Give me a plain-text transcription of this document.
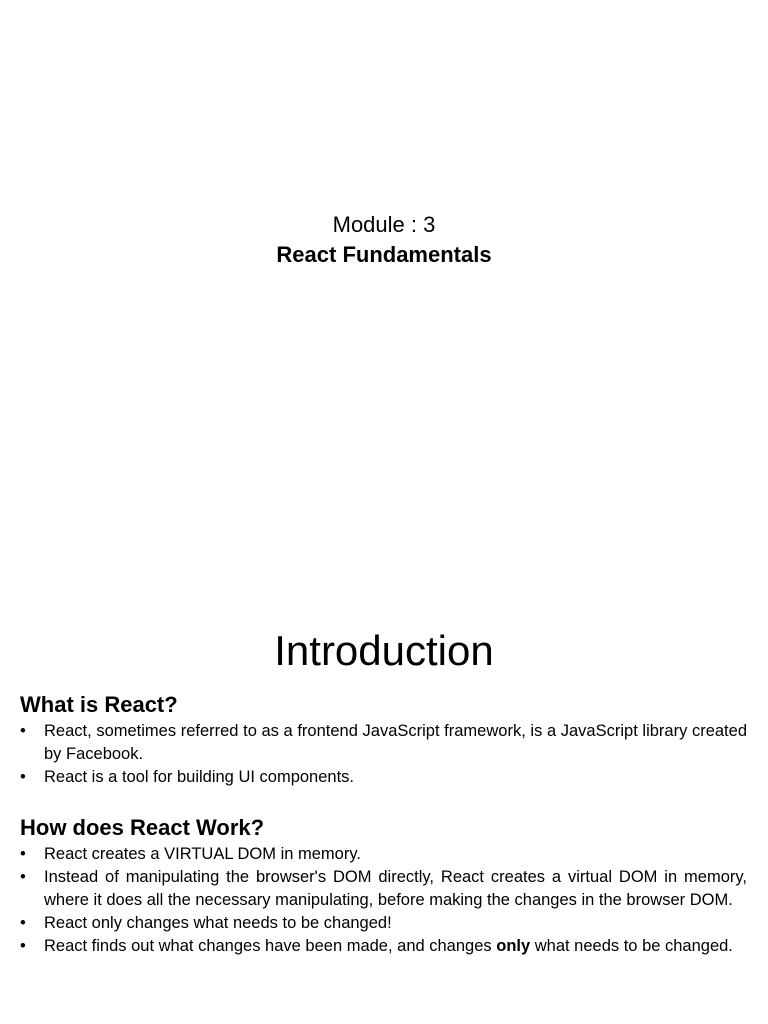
Module : 3
React Fundamentals
Introduction
What is React?
•	React, sometimes referred to as a frontend JavaScript framework, is a JavaScript library created by Facebook.
•	React is a tool for building UI components.
How does React Work?
•	React creates a VIRTUAL DOM in memory.
•	Instead of manipulating the browser's DOM directly, React creates a virtual DOM in memory, where it does all the necessary manipulating, before making the changes in the browser DOM.
•	React only changes what needs to be changed!
•	React finds out what changes have been made, and changes only what needs to be changed.
